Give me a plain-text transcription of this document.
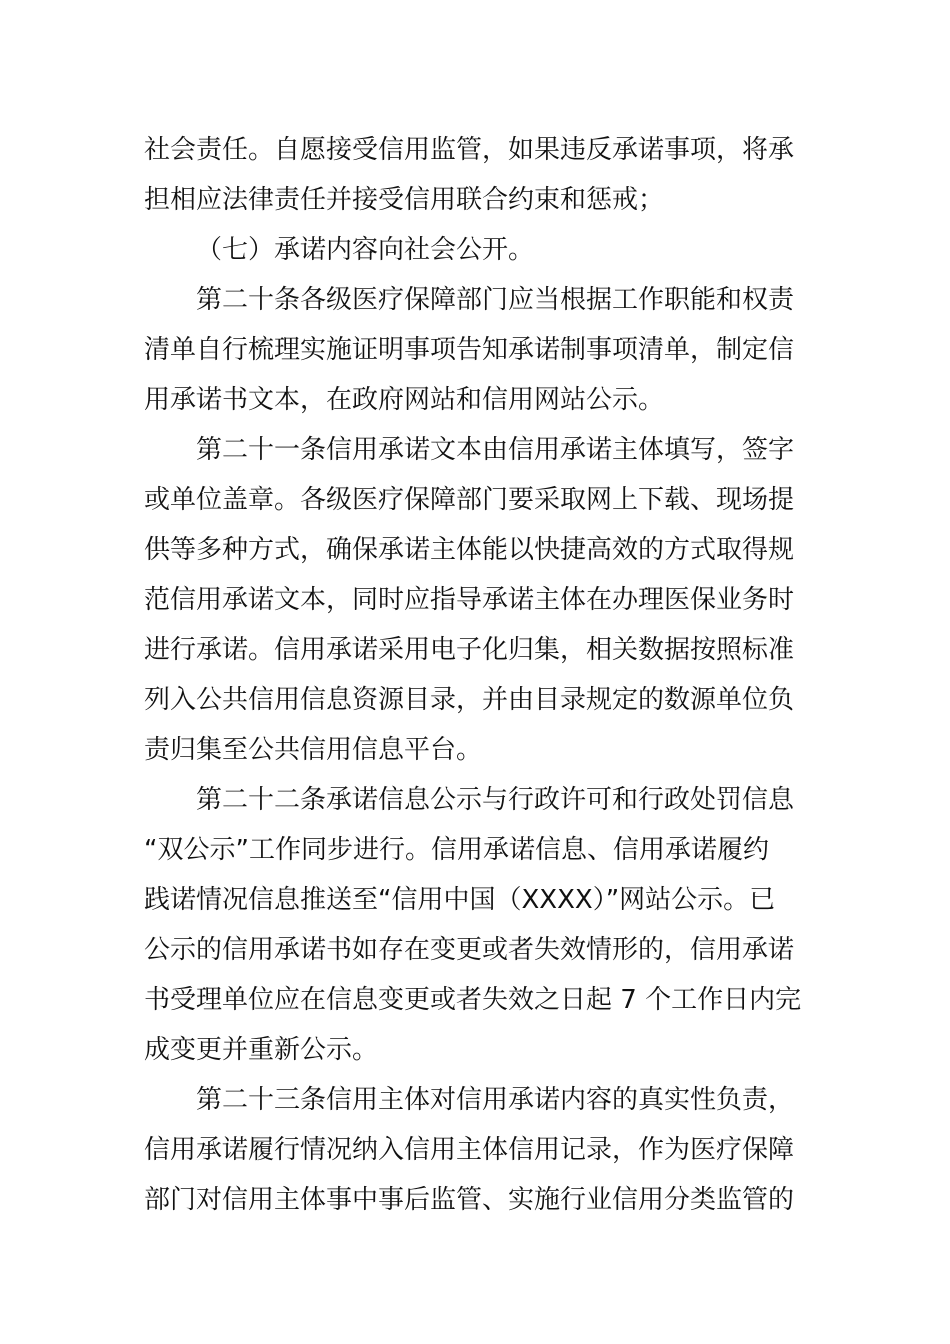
社会责任。自愿接受信用监管，如果违反承诺事项，将承
担相应法律责任并接受信用联合约束和惩戒；
（七）承诺内容向社会公开。
第二十条各级医疗保障部门应当根据工作职能和权责
清单自行梳理实施证明事项告知承诺制事项清单，制定信
用承诺书文本，在政府网站和信用网站公示。
第二十一条信用承诺文本由信用承诺主体填写，签字
或单位盖章。各级医疗保障部门要采取网上下载、现场提
供等多种方式，确保承诺主体能以快捷高效的方式取得规
范信用承诺文本，同时应指导承诺主体在办理医保业务时
进行承诺。信用承诺采用电子化归集，相关数据按照标准
列入公共信用信息资源目录，并由目录规定的数源单位负
责归集至公共信用信息平台。
第二十二条承诺信息公示与行政许可和行政处罚信息
“双公示”工作同步进行。信用承诺信息、信用承诺履约
践诺情况信息推送至“信用中国（XXXX）”网站公示。已
公示的信用承诺书如存在变更或者失效情形的，信用承诺
书受理单位应在信息变更或者失效之日起 7 个工作日内完
成变更并重新公示。
第二十三条信用主体对信用承诺内容的真实性负责，
信用承诺履行情况纳入信用主体信用记录，作为医疗保障
部门对信用主体事中事后监管、实施行业信用分类监管的
